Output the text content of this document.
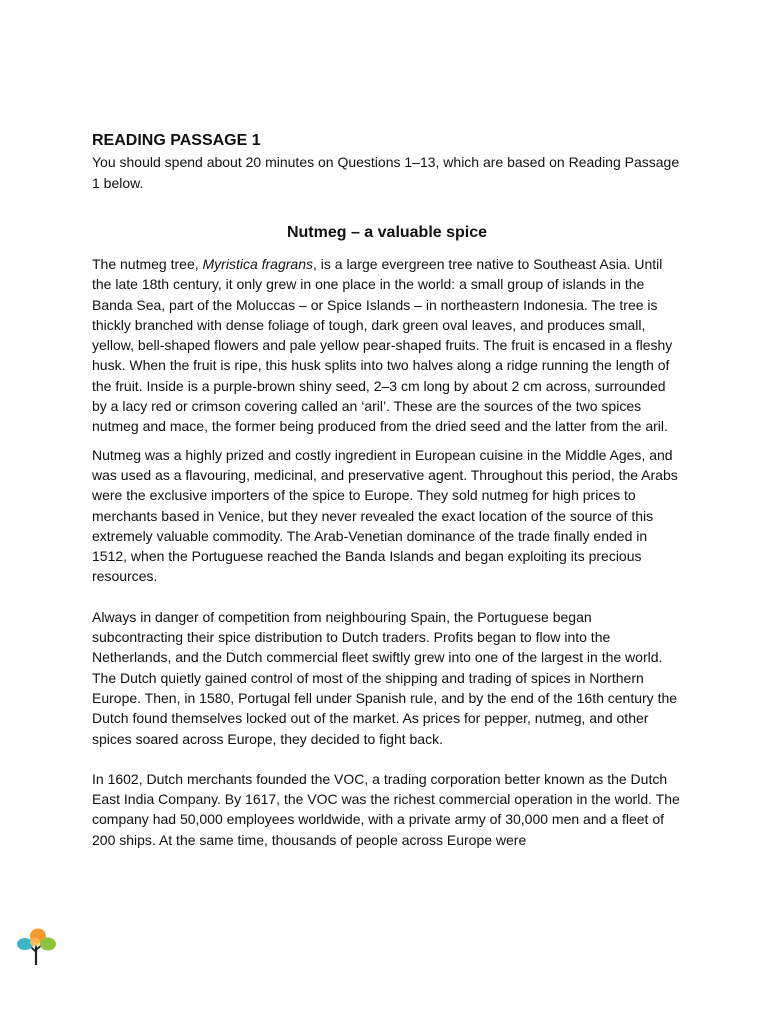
READING PASSAGE 1

You should spend about 20 minutes on Questions 1–13, which are based on Reading Passage 1 below.

Nutmeg – a valuable spice

The nutmeg tree, Myristica fragrans, is a large evergreen tree native to Southeast Asia. Until the late 18th century, it only grew in one place in the world: a small group of islands in the Banda Sea, part of the Moluccas – or Spice Islands – in northeastern Indonesia. The tree is thickly branched with dense foliage of tough, dark green oval leaves, and produces small, yellow, bell-shaped flowers and pale yellow pear-shaped fruits. The fruit is encased in a fleshy husk. When the fruit is ripe, this husk splits into two halves along a ridge running the length of the fruit. Inside is a purple-brown shiny seed, 2–3 cm long by about 2 cm across, surrounded by a lacy red or crimson covering called an ‘aril’. These are the sources of the two spices nutmeg and mace, the former being produced from the dried seed and the latter from the aril.

Nutmeg was a highly prized and costly ingredient in European cuisine in the Middle Ages, and was used as a flavouring, medicinal, and preservative agent. Throughout this period, the Arabs were the exclusive importers of the spice to Europe. They sold nutmeg for high prices to merchants based in Venice, but they never revealed the exact location of the source of this extremely valuable commodity. The Arab-Venetian dominance of the trade finally ended in 1512, when the Portuguese reached the Banda Islands and began exploiting its precious resources.

Always in danger of competition from neighbouring Spain, the Portuguese began subcontracting their spice distribution to Dutch traders. Profits began to flow into the Netherlands, and the Dutch commercial fleet swiftly grew into one of the largest in the world. The Dutch quietly gained control of most of the shipping and trading of spices in Northern Europe. Then, in 1580, Portugal fell under Spanish rule, and by the end of the 16th century the Dutch found themselves locked out of the market. As prices for pepper, nutmeg, and other spices soared across Europe, they decided to fight back.

In 1602, Dutch merchants founded the VOC, a trading corporation better known as the Dutch East India Company. By 1617, the VOC was the richest commercial operation in the world. The company had 50,000 employees worldwide, with a private army of 30,000 men and a fleet of 200 ships. At the same time, thousands of people across Europe were
